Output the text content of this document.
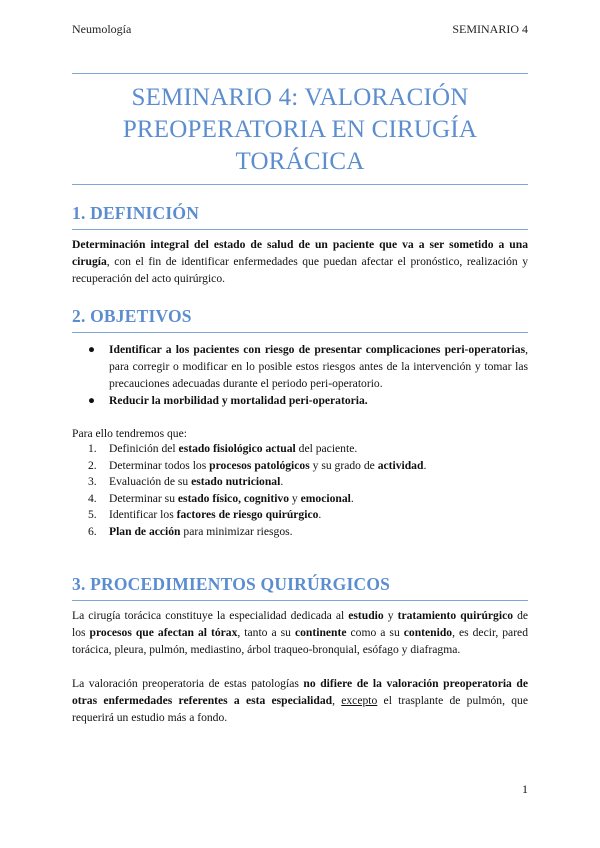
Neumología	SEMINARIO 4
SEMINARIO 4: VALORACIÓN
PREOPERATORIA EN CIRUGÍA
TORÁCICA
1. DEFINICIÓN
Determinación integral del estado de salud de un paciente que va a ser sometido a una cirugía, con el fin de identificar enfermedades que puedan afectar el pronóstico, realización y recuperación del acto quirúrgico.
2. OBJETIVOS
● Identificar a los pacientes con riesgo de presentar complicaciones peri-operatorias, para corregir o modificar en lo posible estos riesgos antes de la intervención y tomar las precauciones adecuadas durante el periodo peri-operatorio.
● Reducir la morbilidad y mortalidad peri-operatoria.
Para ello tendremos que:
1. Definición del estado fisiológico actual del paciente.
2. Determinar todos los procesos patológicos y su grado de actividad.
3. Evaluación de su estado nutricional.
4. Determinar su estado físico, cognitivo y emocional.
5. Identificar los factores de riesgo quirúrgico.
6. Plan de acción para minimizar riesgos.
3. PROCEDIMIENTOS QUIRÚRGICOS
La cirugía torácica constituye la especialidad dedicada al estudio y tratamiento quirúrgico de los procesos que afectan al tórax, tanto a su continente como a su contenido, es decir, pared torácica, pleura, pulmón, mediastino, árbol traqueo-bronquial, esófago y diafragma.
La valoración preoperatoria de estas patologías no difiere de la valoración preoperatoria de otras enfermedades referentes a esta especialidad, excepto el trasplante de pulmón, que requerirá un estudio más a fondo.
1
